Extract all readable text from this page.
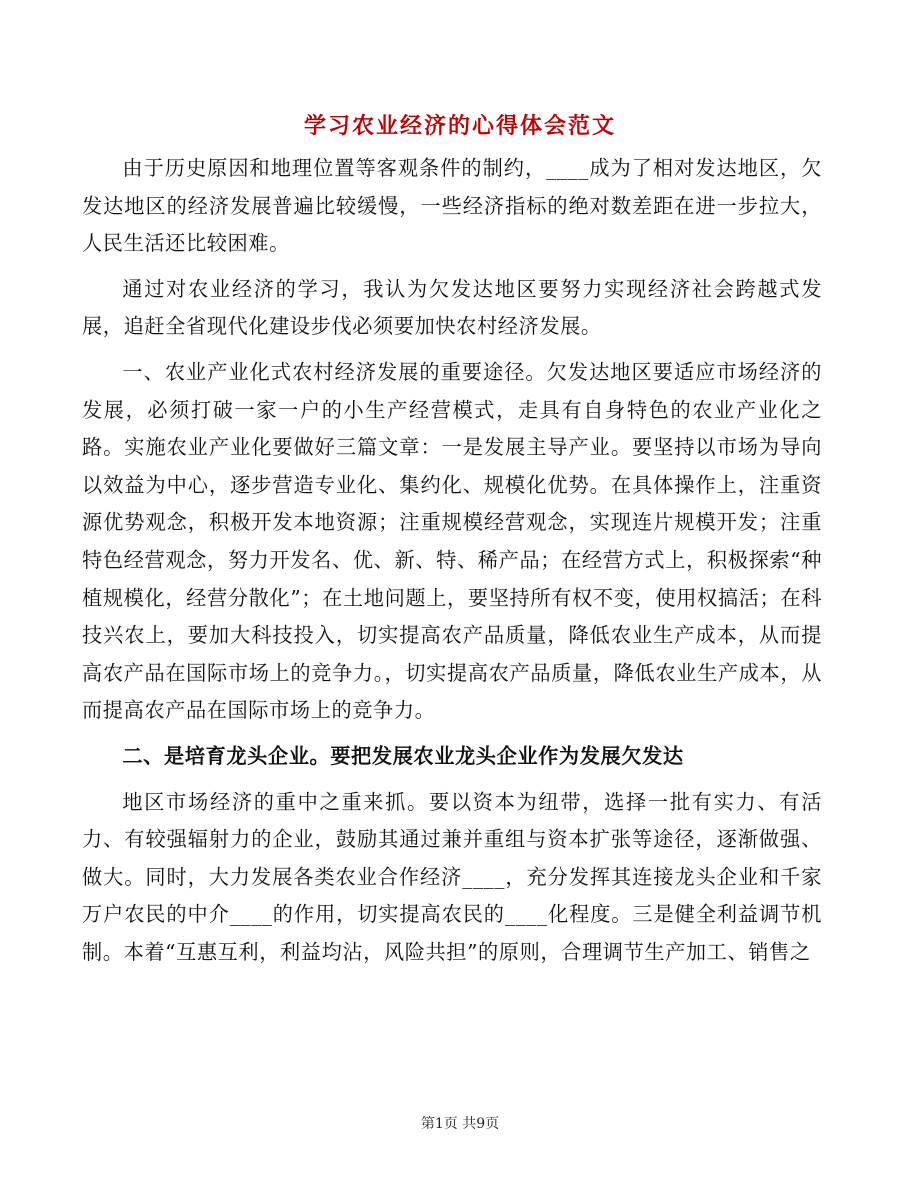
学习农业经济的心得体会范文

由于历史原因和地理位置等客观条件的制约，____成为了相对发达地区，欠发达地区的经济发展普遍比较缓慢，一些经济指标的绝对数差距在进一步拉大，人民生活还比较困难。

通过对农业经济的学习，我认为欠发达地区要努力实现经济社会跨越式发展，追赶全省现代化建设步伐必须要加快农村经济发展。

一、农业产业化式农村经济发展的重要途径。欠发达地区要适应市场经济的发展，必须打破一家一户的小生产经营模式，走具有自身特色的农业产业化之路。实施农业产业化要做好三篇文章：一是发展主导产业。要坚持以市场为导向以效益为中心，逐步营造专业化、集约化、规模化优势。在具体操作上，注重资源优势观念，积极开发本地资源；注重规模经营观念，实现连片规模开发；注重特色经营观念，努力开发名、优、新、特、稀产品；在经营方式上，积极探索“种植规模化，经营分散化”；在土地问题上，要坚持所有权不变，使用权搞活；在科技兴农上，要加大科技投入，切实提高农产品质量，降低农业生产成本，从而提高农产品在国际市场上的竞争力。，切实提高农产品质量，降低农业生产成本，从而提高农产品在国际市场上的竞争力。

二、是培育龙头企业。要把发展农业龙头企业作为发展欠发达

地区市场经济的重中之重来抓。要以资本为纽带，选择一批有实力、有活力、有较强辐射力的企业，鼓励其通过兼并重组与资本扩张等途径，逐渐做强、做大。同时，大力发展各类农业合作经济____，充分发挥其连接龙头企业和千家万户农民的中介____的作用，切实提高农民的____化程度。三是健全利益调节机制。本着“互惠互利，利益均沾，风险共担”的原则，合理调节生产加工、销售之

第1页 共9页
